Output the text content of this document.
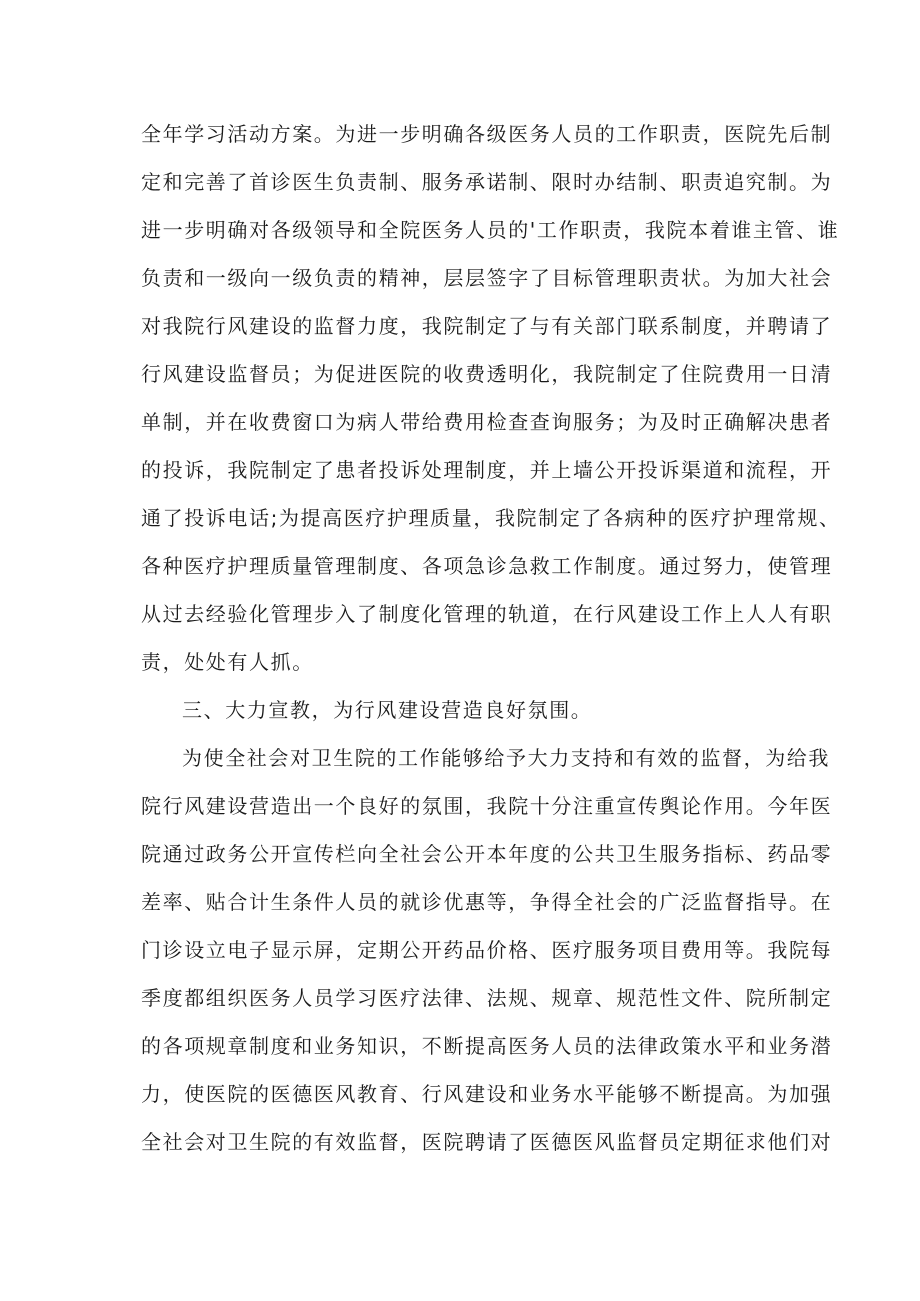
全年学习活动方案。为进一步明确各级医务人员的工作职责，医院先后制
定和完善了首诊医生负责制、服务承诺制、限时办结制、职责追究制。为
进一步明确对各级领导和全院医务人员的'工作职责，我院本着谁主管、谁
负责和一级向一级负责的精神，层层签字了目标管理职责状。为加大社会
对我院行风建设的监督力度，我院制定了与有关部门联系制度，并聘请了
行风建设监督员；为促进医院的收费透明化，我院制定了住院费用一日清
单制，并在收费窗口为病人带给费用检查查询服务；为及时正确解决患者
的投诉，我院制定了患者投诉处理制度，并上墙公开投诉渠道和流程，开
通了投诉电话;为提高医疗护理质量，我院制定了各病种的医疗护理常规、
各种医疗护理质量管理制度、各项急诊急救工作制度。通过努力，使管理
从过去经验化管理步入了制度化管理的轨道，在行风建设工作上人人有职
责，处处有人抓。
三、大力宣教，为行风建设营造良好氛围。
为使全社会对卫生院的工作能够给予大力支持和有效的监督，为给我
院行风建设营造出一个良好的氛围，我院十分注重宣传舆论作用。今年医
院通过政务公开宣传栏向全社会公开本年度的公共卫生服务指标、药品零
差率、贴合计生条件人员的就诊优惠等，争得全社会的广泛监督指导。在
门诊设立电子显示屏，定期公开药品价格、医疗服务项目费用等。我院每
季度都组织医务人员学习医疗法律、法规、规章、规范性文件、院所制定
的各项规章制度和业务知识，不断提高医务人员的法律政策水平和业务潜
力，使医院的医德医风教育、行风建设和业务水平能够不断提高。为加强
全社会对卫生院的有效监督，医院聘请了医德医风监督员定期征求他们对
